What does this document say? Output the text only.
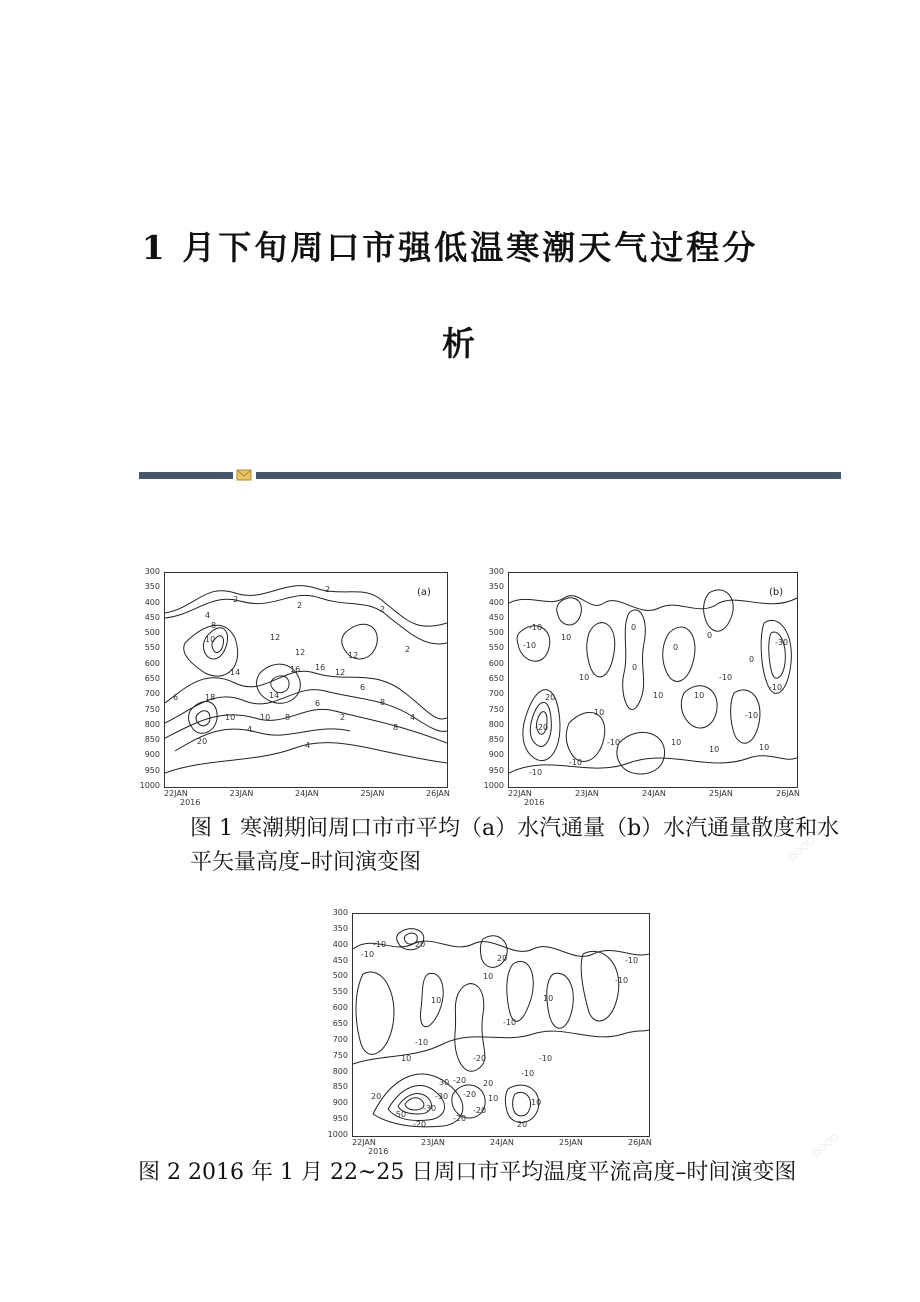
1 月下旬周口市强低温寒潮天气过程分
析
(a)
2
2
4
8
10	12
12
14	16
18
6
6
4
4
20
10
6
8
14
16
12
10	8
12
8
4
2
2
2
2
(b)
-10
-10
10
0
0
-10
10
20
-10
-10
10
0
-20
10	-10
10
-10
10
-30
0
0
10
10
-10
图 1 寒潮期间周口市市平均（a）水汽通量（b）水汽通量散度和水平矢量高度–时间演变图	◌◌◌◌
-10	20
-10
-10
-10
10
10
20
-10
10
-20
-10
-10
-10
10
-20
-20 10
-30
20
-20
-20
30	20
-50
-30	-20
10
20
图 2 2016 年 1 月 22~25 日周口市平均温度平流高度–时间演变图
◌◌◌◌
300
350
400
450
500
550
600
650
700
750
800
850
900
950
1000
22JAN	23JAN	24JAN	25JAN	26JAN
2016
300
350
400
450
500
550
600
650
700
750
800
850
900
950
1000
22JAN	23JAN	24JAN	25JAN	26JAN
2016
300
350
400
450
500
550
600
650
700
750
800
850
900
950
1000
22JAN	23JAN	24JAN	25JAN	26JAN
2016
